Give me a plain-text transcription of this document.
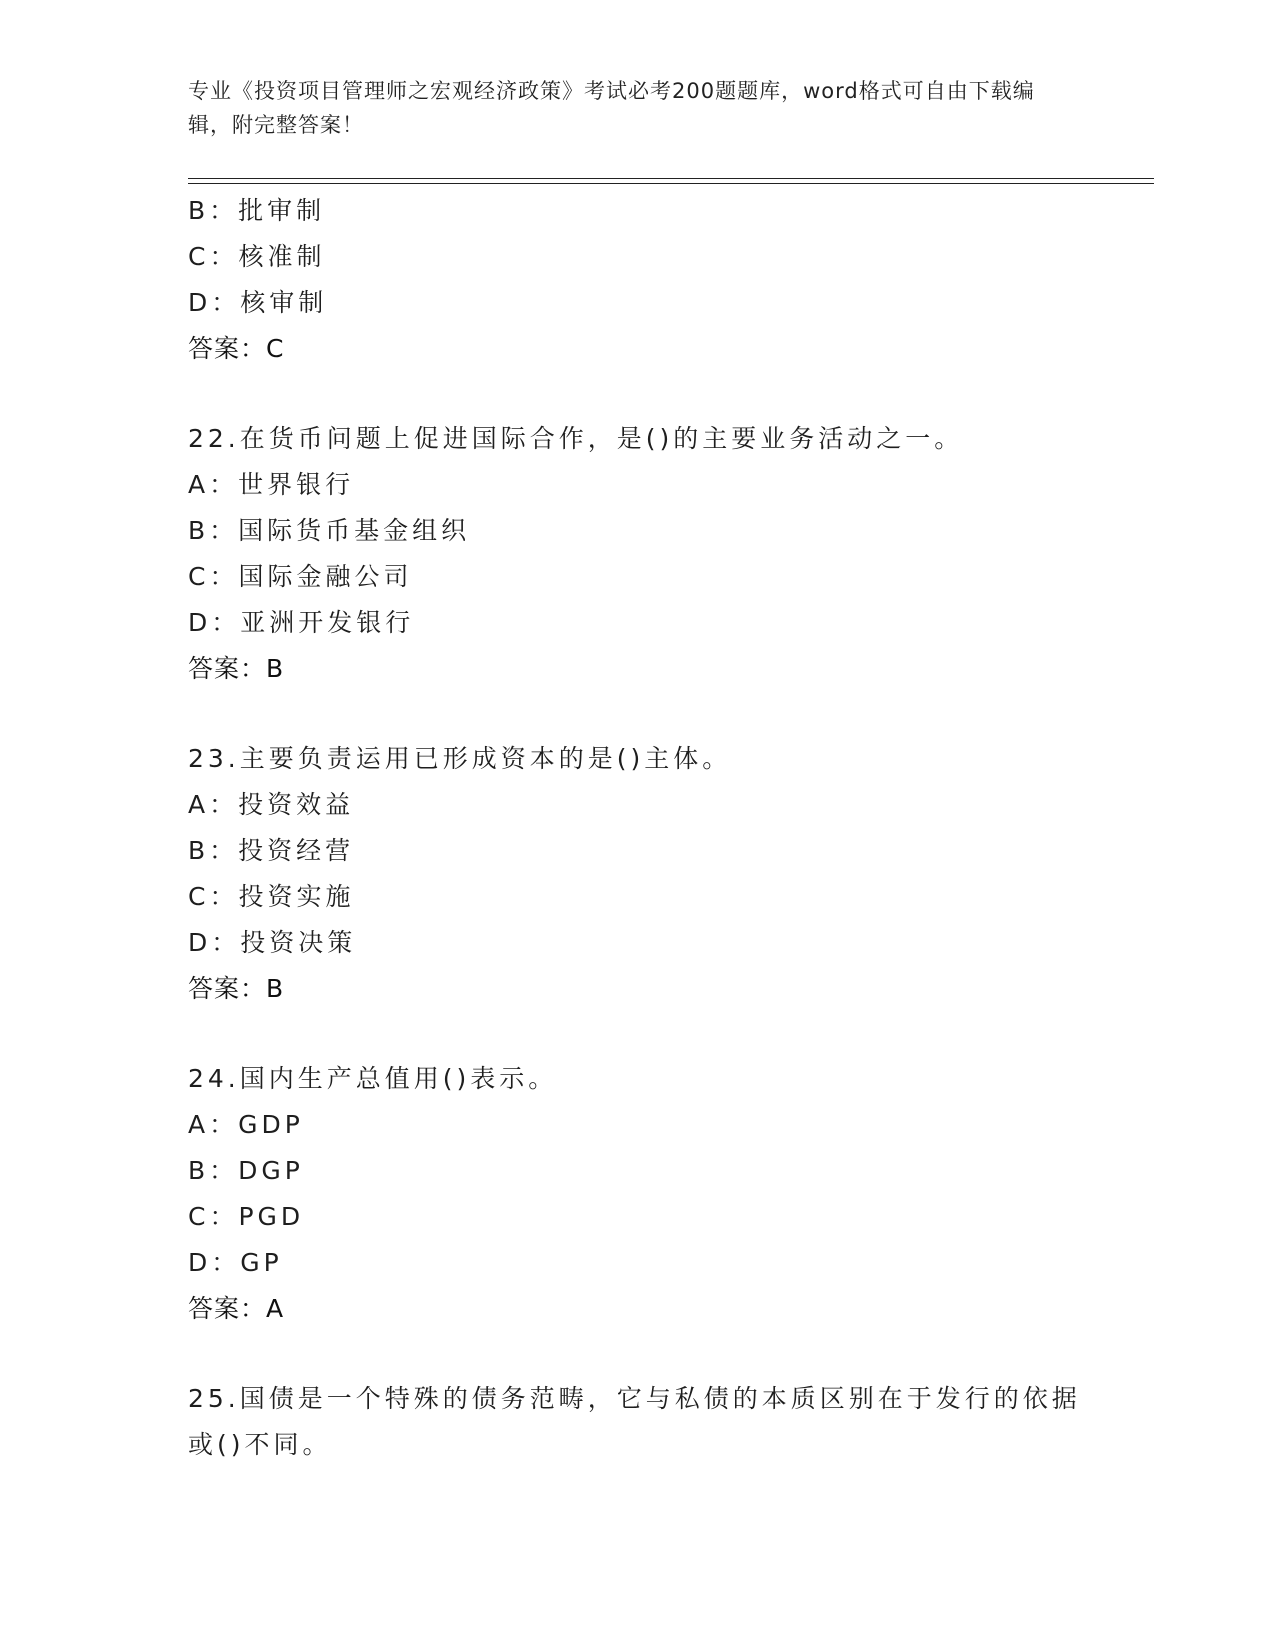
专业《投资项目管理师之宏观经济政策》考试必考200题题库，word格式可自由下载编辑，附完整答案！
B：批审制
C：核准制
D：核审制
答案：C
22.在货币问题上促进国际合作，是()的主要业务活动之一。
A：世界银行
B：国际货币基金组织
C：国际金融公司
D：亚洲开发银行
答案：B
23.主要负责运用已形成资本的是()主体。
A：投资效益
B：投资经营
C：投资实施
D：投资决策
答案：B
24.国内生产总值用()表示。
A：GDP
B：DGP
C：PGD
D：GP
答案：A
25.国债是一个特殊的债务范畴，它与私债的本质区别在于发行的依据或()不同。
